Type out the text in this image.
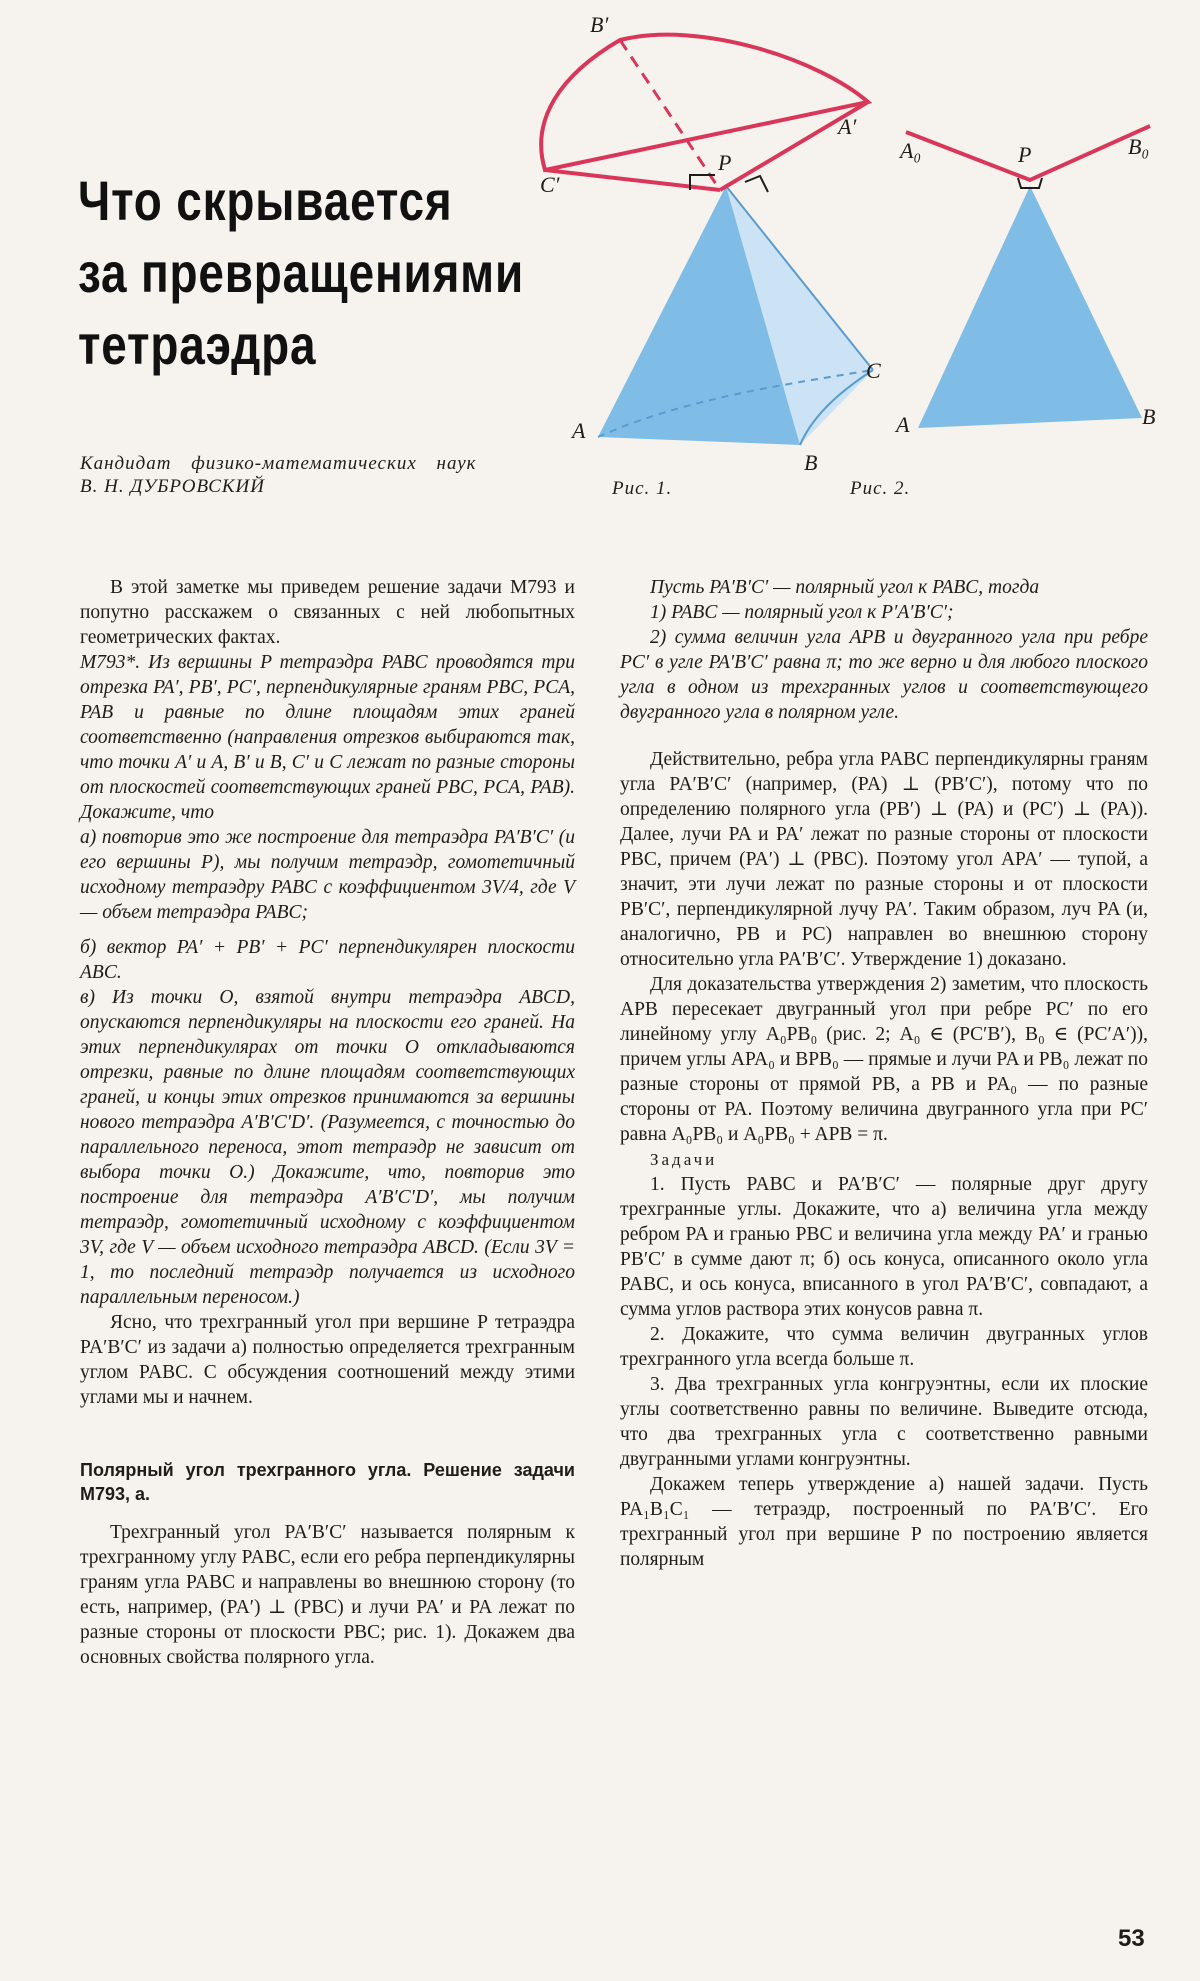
Что скрывается
за превращениями
тетраэдра
Кандидат физико-математических наук
В. Н. ДУБРОВСКИЙ
B′
A′
C′
P
A
B
C
A₀	P	B₀
A	B
Рис. 1.	Рис. 2.

В этой заметке мы приведем решение задачи М793 и попутно расскажем о связанных с ней любопытных геометрических фактах.

М793*. Из вершины P тетраэдра PABC проводятся три отрезка PA′, PB′, PC′, перпендикулярные граням PBC, PCA, PAB и равные по длине площадям этих граней соответственно (направления отрезков выбираются так, что точки A′ и A, B′ и B, C′ и C лежат по разные стороны от плоскостей соответствующих граней PBC, PCA, PAB). Докажите, что

а) повторив это же построение для тетраэдра PA′B′C′ (и его вершины P), мы получим тетраэдр, гомотетичный исходному тетраэдру PABC с коэффициентом 3V/4, где V — объем тетраэдра PABC;

б) вектор PA′ + PB′ + PC′ перпендикулярен плоскости ABC.

в) Из точки O, взятой внутри тетраэдра ABCD, опускаются перпендикуляры на плоскости его граней. На этих перпендикулярах от точки O откладываются отрезки, равные по длине площадям соответствующих граней, и концы этих отрезков принимаются за вершины нового тетраэдра A′B′C′D′. (Разумеется, с точностью до параллельного переноса, этот тетраэдр не зависит от выбора точки O.) Докажите, что, повторив это построение для тетраэдра A′B′C′D′, мы получим тетраэдр, гомотетичный исходному с коэффициентом 3V, где V — объем исходного тетраэдра ABCD. (Если 3V = 1, то последний тетраэдр получается из исходного параллельным переносом.)

Ясно, что трехгранный угол при вершине P тетраэдра PA′B′C′ из задачи а) полностью определяется трехгранным углом PABC. С обсуждения соотношений между этими углами мы и начнем.

Полярный угол трехгранного угла. Решение задачи М793, а.

Трехгранный угол PA′B′C′ называется полярным к трехгранному углу PABC, если его ребра перпендикулярны граням угла PABC и направлены во внешнюю сторону (то есть, например, (PA′) ⊥ (PBC) и лучи PA′ и PA лежат по разные стороны от плоскости PBC; рис. 1). Докажем два основных свойства полярного угла.

Пусть PA′B′C′ — полярный угол к PABC, тогда

1) PABC — полярный угол к P′A′B′C′;

2) сумма величин угла APB и двугранного угла при ребре PC′ в угле PA′B′C′ равна π; то же верно и для любого плоского угла в одном из трехгранных углов и соответствующего двугранного угла в полярном угле.

Действительно, ребра угла PABC перпендикулярны граням угла PA′B′C′ (например, (PA) ⊥ (PB′C′), потому что по определению полярного угла (PB′) ⊥ (PA) и (PC′) ⊥ (PA)). Далее, лучи PA и PA′ лежат по разные стороны от плоскости PBC, причем (PA′) ⊥ (PBC). Поэтому угол APA′ — тупой, а значит, эти лучи лежат по разные стороны и от плоскости PB′C′, перпендикулярной лучу PA′. Таким образом, луч PA (и, аналогично, PB и PC) направлен во внешнюю сторону относительно угла PA′B′C′. Утверждение 1) доказано.

Для доказательства утверждения 2) заметим, что плоскость APB пересекает двугранный угол при ребре PC′ по его линейному углу A₀PB₀ (рис. 2; A₀ ∈ (PC′B′), B₀ ∈ (PC′A′)), причем углы APA₀ и BPB₀ — прямые и лучи PA и PB₀ лежат по разные стороны от прямой PB, а PB и PA₀ — по разные стороны от PA. Поэтому величина двугранного угла при PC′ равна A₀PB₀ и A₀PB₀ + APB = π.

Задачи

1. Пусть PABC и PA′B′C′ — полярные друг другу трехгранные углы. Докажите, что а) величина угла между ребром PA и гранью PBC и величина угла между PA′ и гранью PB′C′ в сумме дают π; б) ось конуса, описанного около угла PABC, и ось конуса, вписанного в угол PA′B′C′, совпадают, а сумма углов раствора этих конусов равна π.

2. Докажите, что сумма величин двугранных углов трехгранного угла всегда больше π.

3. Два трехгранных угла конгруэнтны, если их плоские углы соответственно равны по величине. Выведите отсюда, что два трехгранных угла с соответственно равными двугранными углами конгруэнтны.

Докажем теперь утверждение а) нашей задачи. Пусть PA₁B₁C₁ — тетраэдр, построенный по PA′B′C′. Его трехгранный угол при вершине P по построению является полярным

53
